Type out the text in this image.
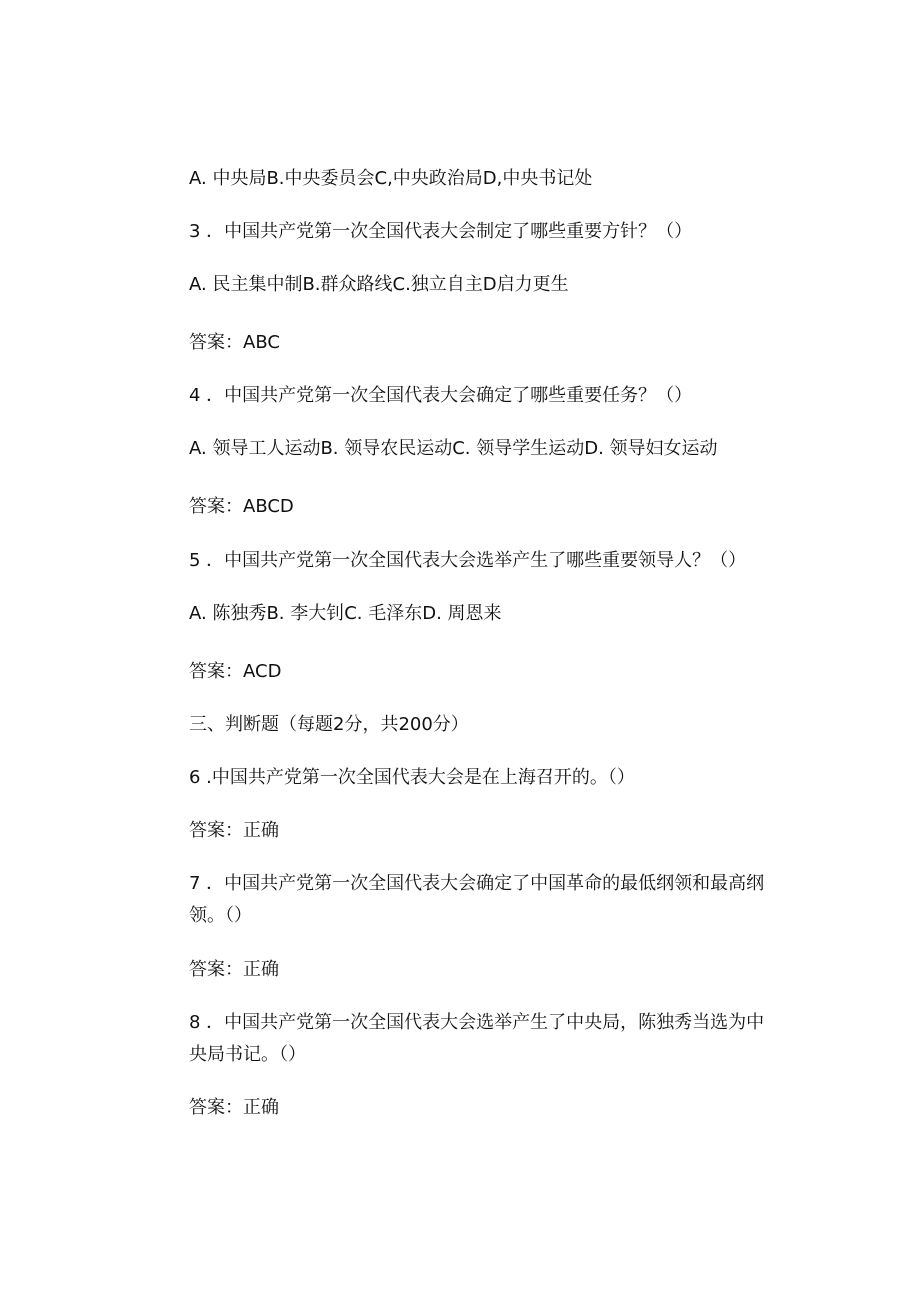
A. 中央局B.中央委员会C,中央政治局D,中央书记处
3 ．中国共产党第一次全国代表大会制定了哪些重要方针？（）
A. 民主集中制B.群众路线C.独立自主D启力更生
答案：ABC
4 ．中国共产党第一次全国代表大会确定了哪些重要任务？（）
A. 领导工人运动B. 领导农民运动C. 领导学生运动D. 领导妇女运动
答案：ABCD
5 ．中国共产党第一次全国代表大会选举产生了哪些重要领导人？（）
A. 陈独秀B. 李大钊C. 毛泽东D. 周恩来
答案：ACD
三、判断题（每题2分，共200分）
6 .中国共产党第一次全国代表大会是在上海召开的。（）
答案：正确
7 ．中国共产党第一次全国代表大会确定了中国革命的最低纲领和最高纲
领。（）
答案：正确
8 ．中国共产党第一次全国代表大会选举产生了中央局，陈独秀当选为中
央局书记。（）
答案：正确
